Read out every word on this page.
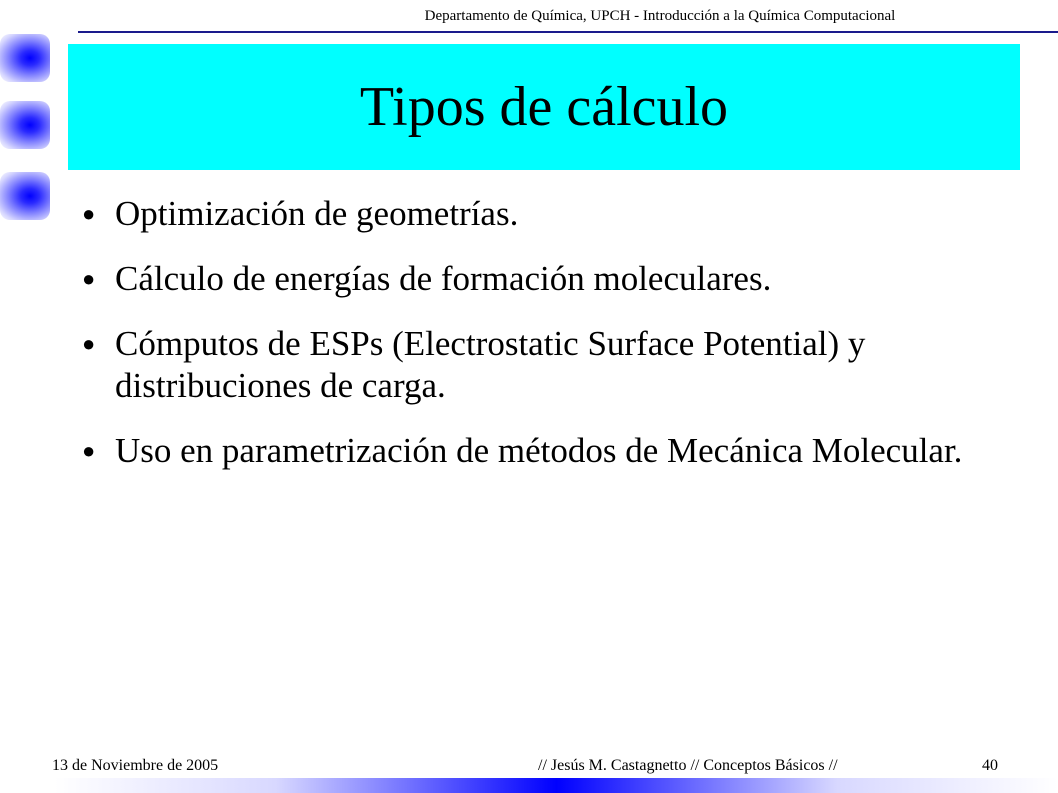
Departamento de Química, UPCH - Introducción a la Química Computacional
Tipos de cálculo
● Optimización de geometrías.
● Cálculo de energías de formación moleculares.
● Cómputos de ESPs (Electrostatic Surface Potential) y distribuciones de carga.
● Uso en parametrización de métodos de Mecánica Molecular.
13 de Noviembre de 2005	// Jesús M. Castagnetto // Conceptos Básicos //	40
